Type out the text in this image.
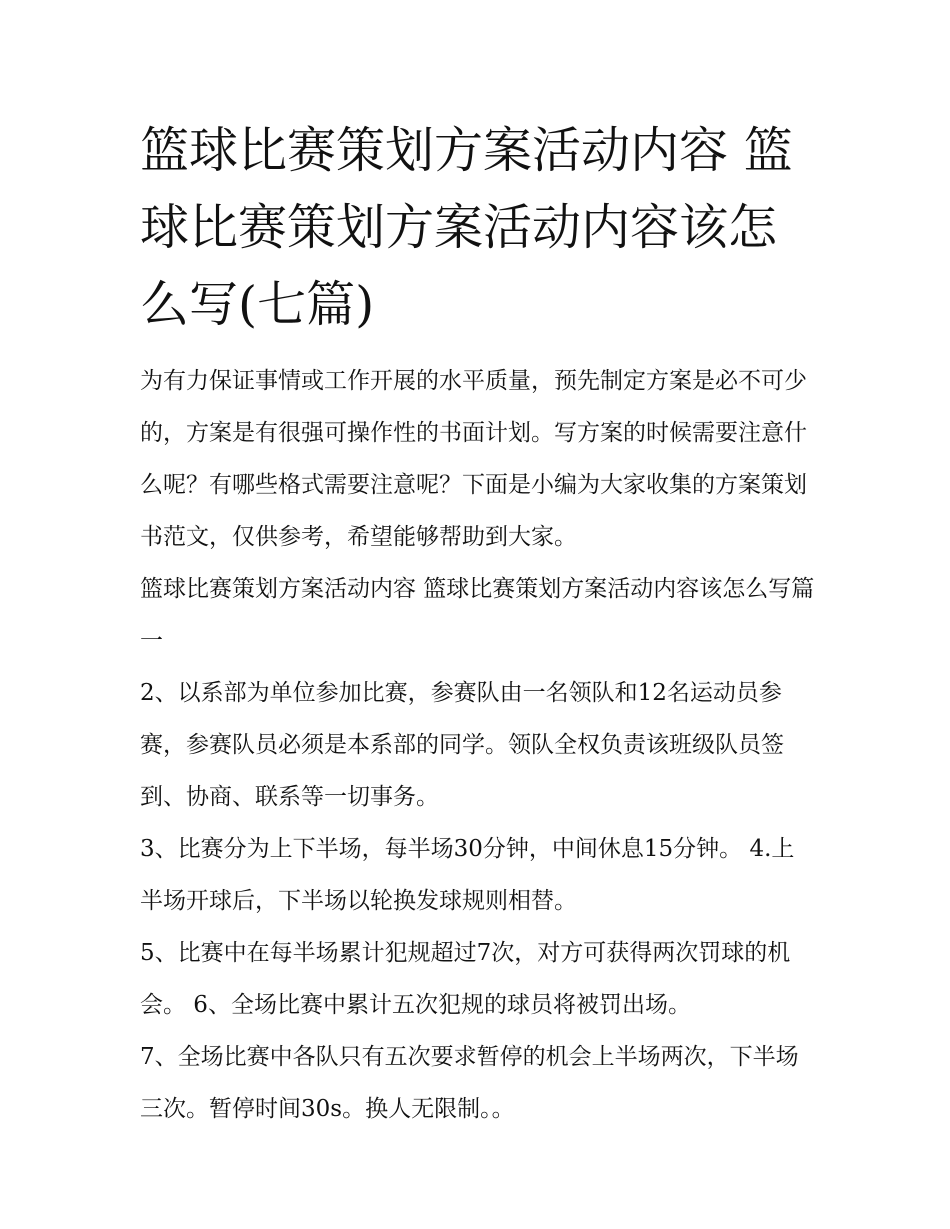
篮球比赛策划方案活动内容 篮球比赛策划方案活动内容该怎么写(七篇)

为有力保证事情或工作开展的水平质量，预先制定方案是必不可少的，方案是有很强可操作性的书面计划。写方案的时候需要注意什么呢？有哪些格式需要注意呢？下面是小编为大家收集的方案策划书范文，仅供参考，希望能够帮助到大家。

篮球比赛策划方案活动内容 篮球比赛策划方案活动内容该怎么写篇一

2、以系部为单位参加比赛，参赛队由一名领队和12名运动员参赛，参赛队员必须是本系部的同学。领队全权负责该班级队员签到、协商、联系等一切事务。

3、比赛分为上下半场，每半场30分钟，中间休息15分钟。 4.上半场开球后，下半场以轮换发球规则相替。

5、比赛中在每半场累计犯规超过7次，对方可获得两次罚球的机会。 6、全场比赛中累计五次犯规的球员将被罚出场。

7、全场比赛中各队只有五次要求暂停的机会上半场两次，下半场三次。暂停时间30s。换人无限制。。
